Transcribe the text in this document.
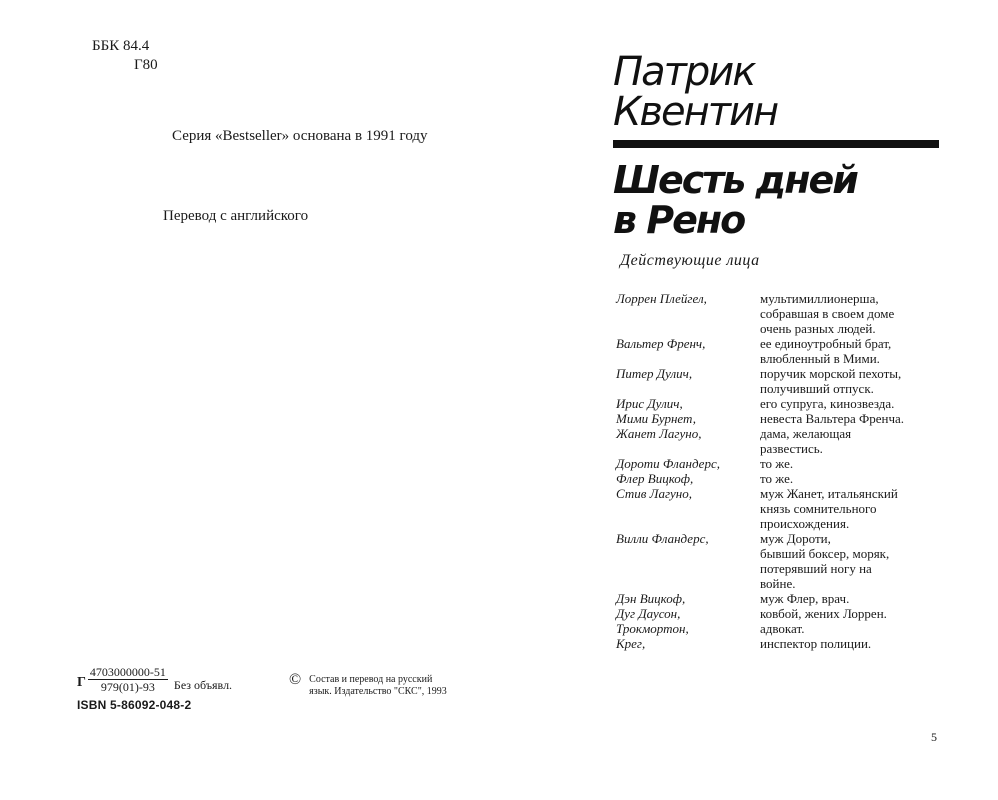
ББК 84.4
Г80
Серия «Bestseller» основана в 1991 году
Перевод с английского
Г $\frac{4703000000-51}{979(01)-93}$ Без объявл.	© Состав и перевод на русский
язык. Издательство "СКС", 1993
ISBN 5-86092-048-2
Патрик
Квентин
Шесть дней
в Рено
Действующие лица
Лоррен Плейгел,	мультимиллионерша,
собравшая в своем доме
очень разных людей.
Вальтер Френч,	ее единоутробный брат,
влюбленный в Мими.
Питер Дулич,	поручик морской пехоты,
получивший отпуск.
Ирис Дулич,	его супруга, кинозвезда.
Мими Бурнет,	невеста Вальтера Френча.
Жанет Лагуно,	дама, желающая
развестись.
Дороти Фландерс,	то же.
Флер Вицкоф,	то же.
Стив Лагуно,	муж Жанет, итальянский
князь сомнительного
происхождения.
Вилли Фландерс,	муж Дороти,
бывший боксер, моряк,
потерявший ногу на
войне.
Дэн Вицкоф,	муж Флер, врач.
Дуг Даусон,	ковбой, жених Лоррен.
Трокмортон,	адвокат.
Крег,	инспектор полиции.
5
